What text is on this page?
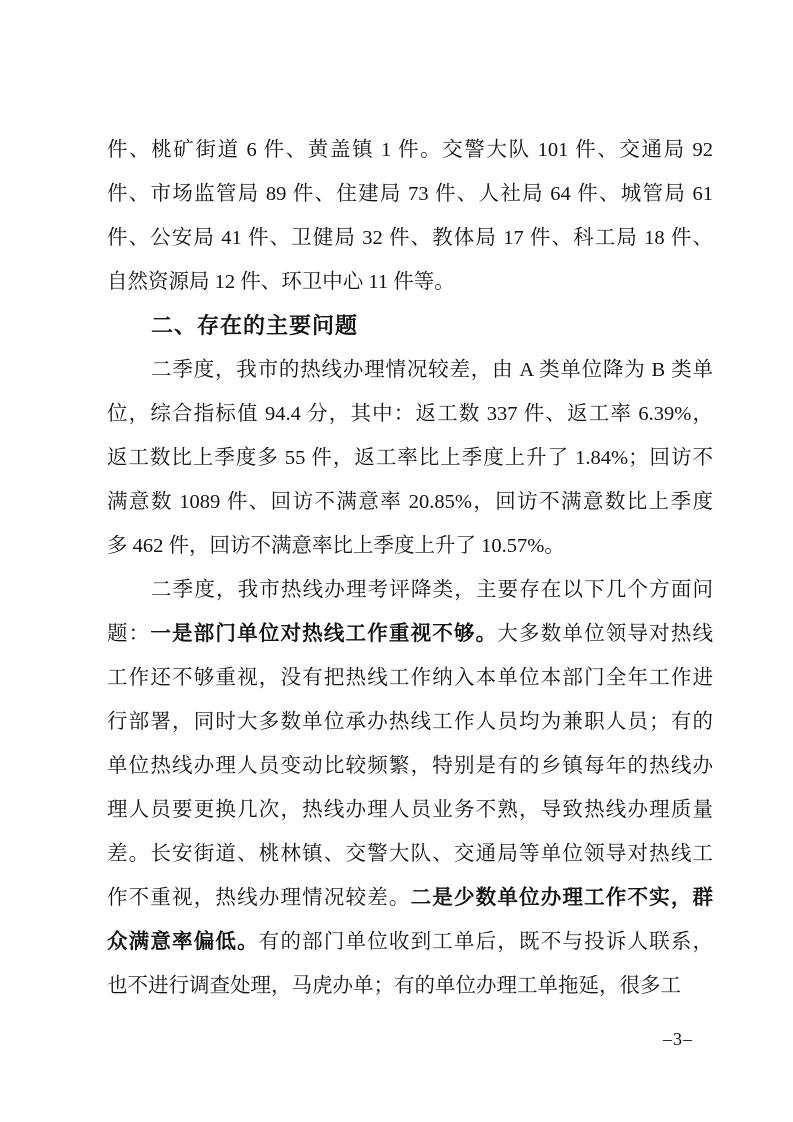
件、桃矿街道 6 件、黄盖镇 1 件。交警大队 101 件、交通局 92
件、市场监管局 89 件、住建局 73 件、人社局 64 件、城管局 61
件、公安局 41 件、卫健局 32 件、教体局 17 件、科工局 18 件、
自然资源局 12 件、环卫中心 11 件等。
二、存在的主要问题
二季度，我市的热线办理情况较差，由 A 类单位降为 B 类单
位，综合指标值 94.4 分，其中：返工数 337 件、返工率 6.39%，
返工数比上季度多 55 件，返工率比上季度上升了 1.84%；回访不
满意数 1089 件、回访不满意率 20.85%，回访不满意数比上季度
多 462 件，回访不满意率比上季度上升了 10.57%。
二季度，我市热线办理考评降类，主要存在以下几个方面问
题：一是部门单位对热线工作重视不够。大多数单位领导对热线
工作还不够重视，没有把热线工作纳入本单位本部门全年工作进
行部署，同时大多数单位承办热线工作人员均为兼职人员；有的
单位热线办理人员变动比较频繁，特别是有的乡镇每年的热线办
理人员要更换几次，热线办理人员业务不熟，导致热线办理质量
差。长安街道、桃林镇、交警大队、交通局等单位领导对热线工
作不重视，热线办理情况较差。二是少数单位办理工作不实，群
众满意率偏低。有的部门单位收到工单后，既不与投诉人联系，
也不进行调查处理，马虎办单；有的单位办理工单拖延，很多工
–3–
